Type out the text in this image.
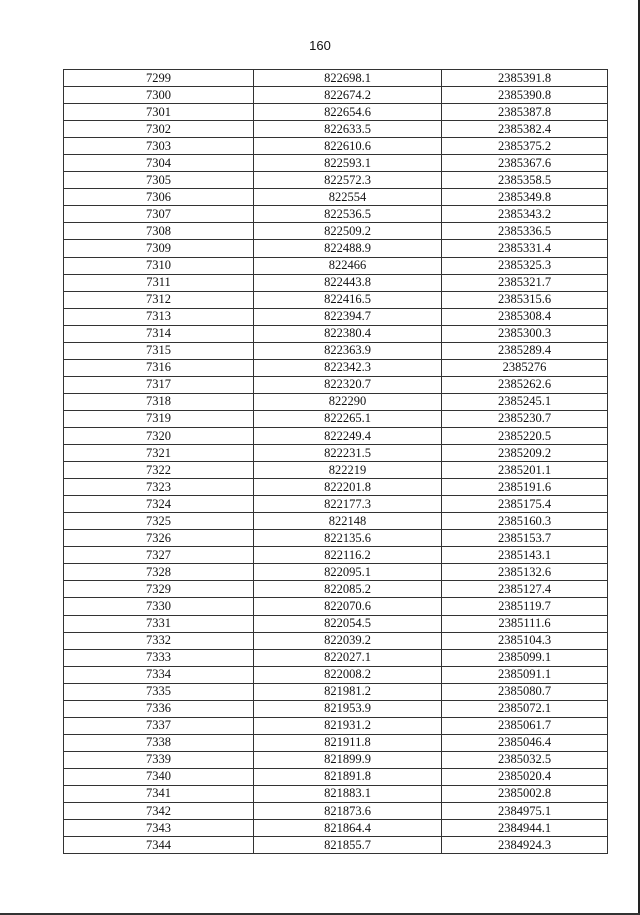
160
7299	822698.1	2385391.8
7300	822674.2	2385390.8
7301	822654.6	2385387.8
7302	822633.5	2385382.4
7303	822610.6	2385375.2
7304	822593.1	2385367.6
7305	822572.3	2385358.5
7306	822554	2385349.8
7307	822536.5	2385343.2
7308	822509.2	2385336.5
7309	822488.9	2385331.4
7310	822466	2385325.3
7311	822443.8	2385321.7
7312	822416.5	2385315.6
7313	822394.7	2385308.4
7314	822380.4	2385300.3
7315	822363.9	2385289.4
7316	822342.3	2385276
7317	822320.7	2385262.6
7318	822290	2385245.1
7319	822265.1	2385230.7
7320	822249.4	2385220.5
7321	822231.5	2385209.2
7322	822219	2385201.1
7323	822201.8	2385191.6
7324	822177.3	2385175.4
7325	822148	2385160.3
7326	822135.6	2385153.7
7327	822116.2	2385143.1
7328	822095.1	2385132.6
7329	822085.2	2385127.4
7330	822070.6	2385119.7
7331	822054.5	2385111.6
7332	822039.2	2385104.3
7333	822027.1	2385099.1
7334	822008.2	2385091.1
7335	821981.2	2385080.7
7336	821953.9	2385072.1
7337	821931.2	2385061.7
7338	821911.8	2385046.4
7339	821899.9	2385032.5
7340	821891.8	2385020.4
7341	821883.1	2385002.8
7342	821873.6	2384975.1
7343	821864.4	2384944.1
7344	821855.7	2384924.3
